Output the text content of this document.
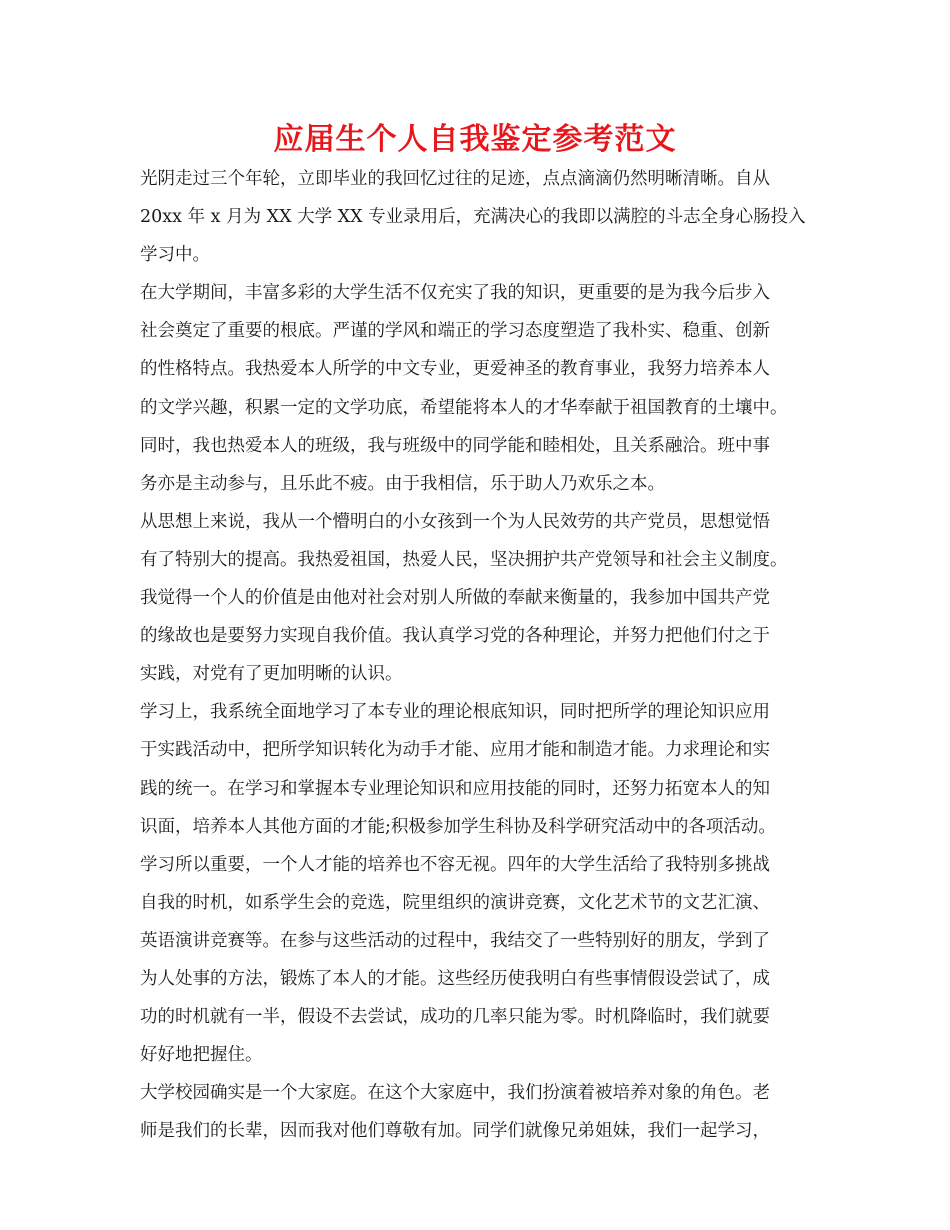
应届生个人自我鉴定参考范文

光阴走过三个年轮，立即毕业的我回忆过往的足迹，点点滴滴仍然明晰清晰。自从
20xx 年 x 月为 XX 大学 XX 专业录用后，充满决心的我即以满腔的斗志全身心肠投入
学习中。

在大学期间，丰富多彩的大学生活不仅充实了我的知识，更重要的是为我今后步入
社会奠定了重要的根底。严谨的学风和端正的学习态度塑造了我朴实、稳重、创新
的性格特点。我热爱本人所学的中文专业，更爱神圣的教育事业，我努力培养本人
的文学兴趣，积累一定的文学功底，希望能将本人的才华奉献于祖国教育的土壤中。
同时，我也热爱本人的班级，我与班级中的同学能和睦相处，且关系融洽。班中事
务亦是主动参与，且乐此不疲。由于我相信，乐于助人乃欢乐之本。

从思想上来说，我从一个懵明白的小女孩到一个为人民效劳的共产党员，思想觉悟
有了特别大的提高。我热爱祖国，热爱人民，坚决拥护共产党领导和社会主义制度。
我觉得一个人的价值是由他对社会对别人所做的奉献来衡量的，我参加中国共产党
的缘故也是要努力实现自我价值。我认真学习党的各种理论，并努力把他们付之于
实践，对党有了更加明晰的认识。

学习上，我系统全面地学习了本专业的理论根底知识，同时把所学的理论知识应用
于实践活动中，把所学知识转化为动手才能、应用才能和制造才能。力求理论和实
践的统一。在学习和掌握本专业理论知识和应用技能的同时，还努力拓宽本人的知
识面，培养本人其他方面的才能;积极参加学生科协及科学研究活动中的各项活动。
学习所以重要，一个人才能的培养也不容无视。四年的大学生活给了我特别多挑战
自我的时机，如系学生会的竞选，院里组织的演讲竞赛，文化艺术节的文艺汇演、
英语演讲竞赛等。在参与这些活动的过程中，我结交了一些特别好的朋友，学到了
为人处事的方法，锻炼了本人的才能。这些经历使我明白有些事情假设尝试了，成
功的时机就有一半，假设不去尝试，成功的几率只能为零。时机降临时，我们就要
好好地把握住。

大学校园确实是一个大家庭。在这个大家庭中，我们扮演着被培养对象的角色。老
师是我们的长辈，因而我对他们尊敬有加。同学们就像兄弟姐妹，我们一起学习，
